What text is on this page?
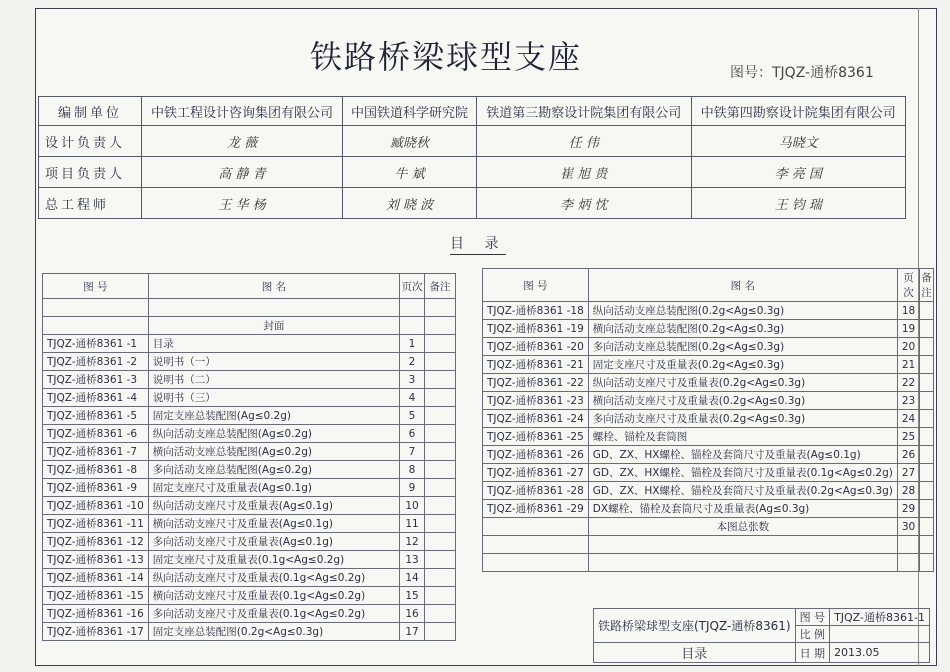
铁路桥梁球型支座	图号：TJQZ-通桥8361
编制单位	中铁工程设计咨询集团有限公司	中国铁道科学研究院	铁道第三勘察设计院集团有限公司	中铁第四勘察设计院集团有限公司
设计负责人	龙 薇	臧晓秋	任 伟	马晓文
项目负责人	高 静 青	牛 斌	崔 旭 贵	李 亮 国
总工程师	王 华 杨	刘 晓 波	李 炳 忱	王 钧 瑞
目 录
图 号	图 名	页次	备注

	封面		
TJQZ-通桥8361 -1	目录	1	
TJQZ-通桥8361 -2	说明书（一）	2	
TJQZ-通桥8361 -3	说明书（二）	3	
TJQZ-通桥8361 -4	说明书（三）	4	
TJQZ-通桥8361 -5	固定支座总装配图(Ag≤0.2g)	5	
TJQZ-通桥8361 -6	纵向活动支座总装配图(Ag≤0.2g)	6	
TJQZ-通桥8361 -7	横向活动支座总装配图(Ag≤0.2g)	7	
TJQZ-通桥8361 -8	多向活动支座总装配图(Ag≤0.2g)	8	
TJQZ-通桥8361 -9	固定支座尺寸及重量表(Ag≤0.1g)	9	
TJQZ-通桥8361 -10	纵向活动支座尺寸及重量表(Ag≤0.1g)	10	
TJQZ-通桥8361 -11	横向活动支座尺寸及重量表(Ag≤0.1g)	11	
TJQZ-通桥8361 -12	多向活动支座尺寸及重量表(Ag≤0.1g)	12	
TJQZ-通桥8361 -13	固定支座尺寸及重量表(0.1g<Ag≤0.2g)	13	
TJQZ-通桥8361 -14	纵向活动支座尺寸及重量表(0.1g<Ag≤0.2g)	14	
TJQZ-通桥8361 -15	横向活动支座尺寸及重量表(0.1g<Ag≤0.2g)	15	
TJQZ-通桥8361 -16	多向活动支座尺寸及重量表(0.1g<Ag≤0.2g)	16	
TJQZ-通桥8361 -17	固定支座总装配图(0.2g<Ag≤0.3g)	17	
图 号	图 名	页次	备注
TJQZ-通桥8361 -18	纵向活动支座总装配图(0.2g<Ag≤0.3g)	18	
TJQZ-通桥8361 -19	横向活动支座总装配图(0.2g<Ag≤0.3g)	19	
TJQZ-通桥8361 -20	多向活动支座总装配图(0.2g<Ag≤0.3g)	20	
TJQZ-通桥8361 -21	固定支座尺寸及重量表(0.2g<Ag≤0.3g)	21	
TJQZ-通桥8361 -22	纵向活动支座尺寸及重量表(0.2g<Ag≤0.3g)	22	
TJQZ-通桥8361 -23	横向活动支座尺寸及重量表(0.2g<Ag≤0.3g)	23	
TJQZ-通桥8361 -24	多向活动支座尺寸及重量表(0.2g<Ag≤0.3g)	24	
TJQZ-通桥8361 -25	螺栓、锚栓及套筒图	25	
TJQZ-通桥8361 -26	GD、ZX、HX螺栓、锚栓及套筒尺寸及重量表(Ag≤0.1g)	26	
TJQZ-通桥8361 -27	GD、ZX、HX螺栓、锚栓及套筒尺寸及重量表(0.1g<Ag≤0.2g)	27	
TJQZ-通桥8361 -28	GD、ZX、HX螺栓、锚栓及套筒尺寸及重量表(0.2g<Ag≤0.3g)	28	
TJQZ-通桥8361 -29	DX螺栓、锚栓及套筒尺寸及重量表(Ag≤0.3g)	29	
	本图总张数	30	

铁路桥梁球型支座(TJQZ-通桥8361)	图 号	TJQZ-通桥8361-1
	比 例	
目录	日 期	2013.05
